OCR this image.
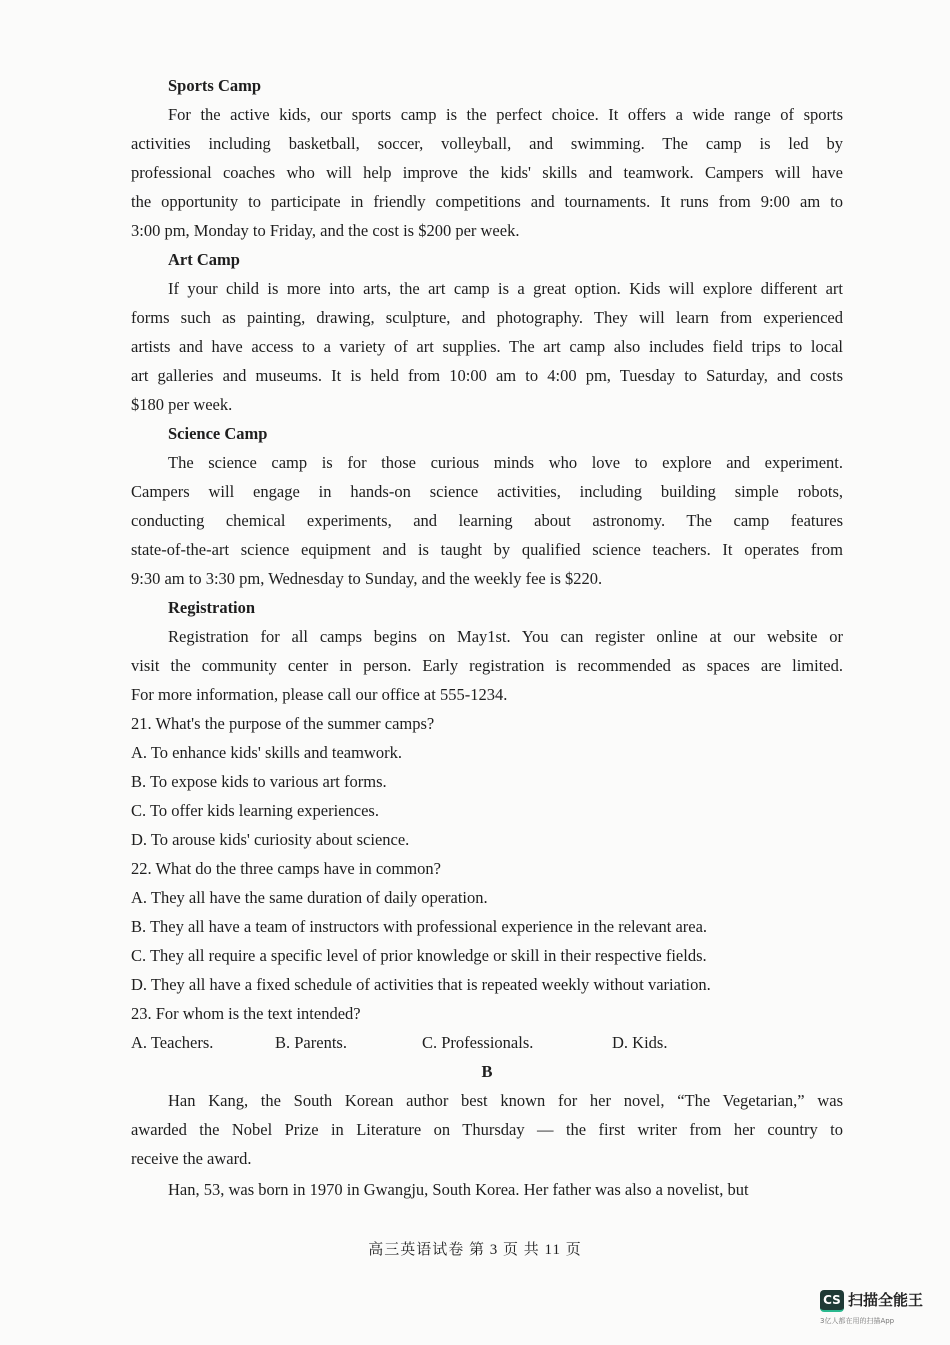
Sports Camp
For the active kids, our sports camp is the perfect choice. It offers a wide range of sports
activities including basketball, soccer, volleyball, and swimming. The camp is led by
professional coaches who will help improve the kids' skills and teamwork. Campers will have
the opportunity to participate in friendly competitions and tournaments. It runs from 9:00 am to
3:00 pm, Monday to Friday, and the cost is $200 per week.
Art Camp
If your child is more into arts, the art camp is a great option. Kids will explore different art
forms such as painting, drawing, sculpture, and photography. They will learn from experienced
artists and have access to a variety of art supplies. The art camp also includes field trips to local
art galleries and museums. It is held from 10:00 am to 4:00 pm, Tuesday to Saturday, and costs
$180 per week.
Science Camp
The science camp is for those curious minds who love to explore and experiment.
Campers will engage in hands-on science activities, including building simple robots,
conducting chemical experiments, and learning about astronomy. The camp features
state-of-the-art science equipment and is taught by qualified science teachers. It operates from
9:30 am to 3:30 pm, Wednesday to Sunday, and the weekly fee is $220.
Registration
Registration for all camps begins on May1st. You can register online at our website or
visit the community center in person. Early registration is recommended as spaces are limited.
For more information, please call our office at 555-1234.
21. What's the purpose of the summer camps?
A. To enhance kids' skills and teamwork.
B. To expose kids to various art forms.
C. To offer kids learning experiences.
D. To arouse kids' curiosity about science.
22. What do the three camps have in common?
A. They all have the same duration of daily operation.
B. They all have a team of instructors with professional experience in the relevant area.
C. They all require a specific level of prior knowledge or skill in their respective fields.
D. They all have a fixed schedule of activities that is repeated weekly without variation.
23. For whom is the text intended?
A. Teachers.	B. Parents.	C. Professionals.	D. Kids.
B
Han Kang, the South Korean author best known for her novel, “The Vegetarian,” was
awarded the Nobel Prize in Literature on Thursday — the first writer from her country to
receive the award.
Han, 53, was born in 1970 in Gwangju, South Korea. Her father was also a novelist, but
高三英语试卷 第 3 页 共 11 页
CS 扫描全能王
3亿人都在用的扫描App
